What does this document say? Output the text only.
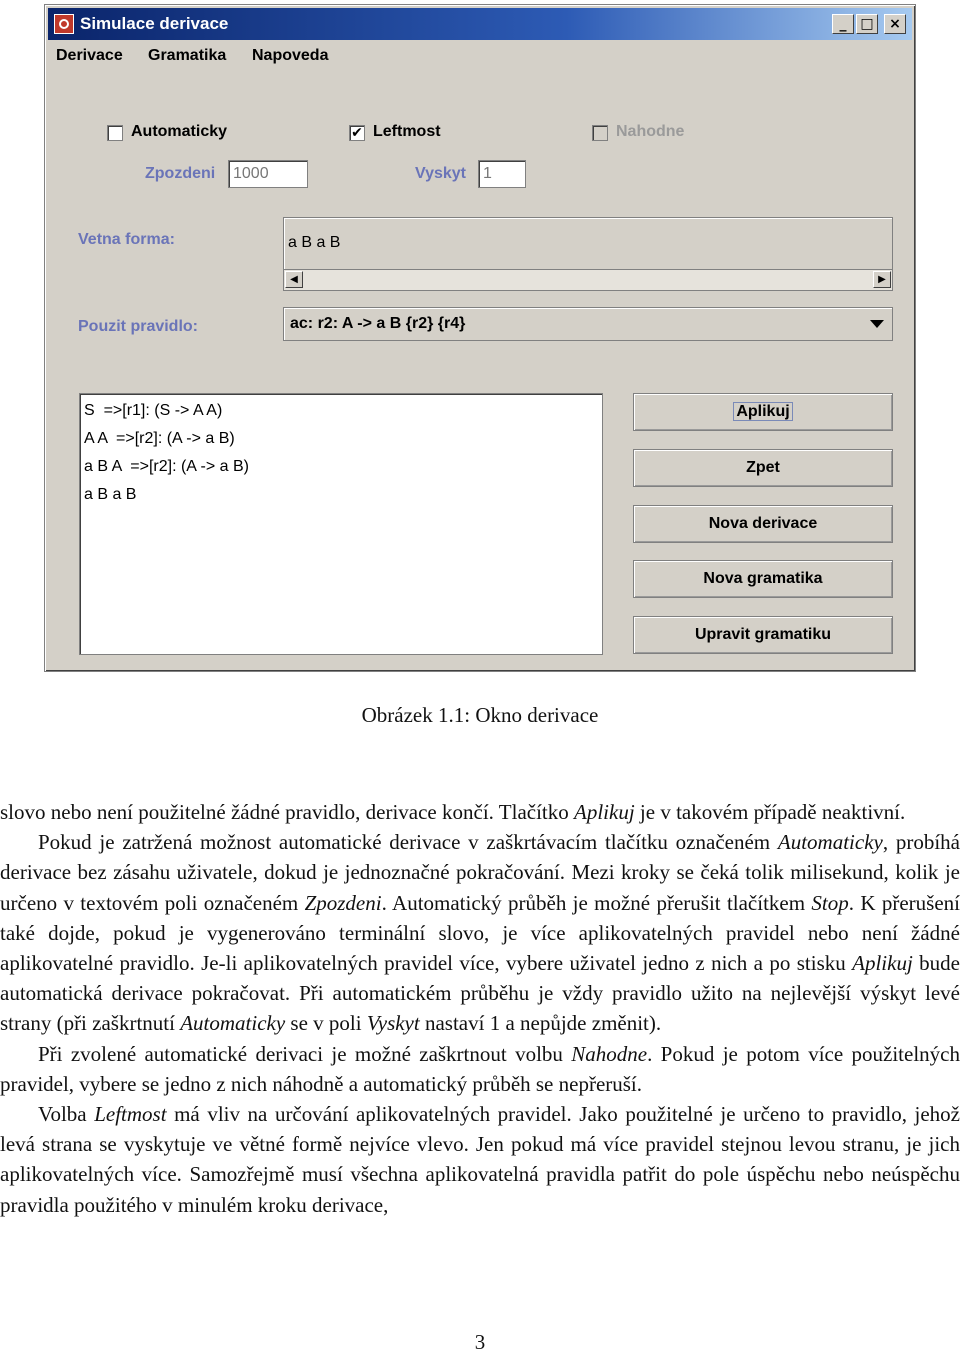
Simulace derivace	_ □	×
Derivace Gramatika Napoveda
Automaticky	✔ Leftmost	Nahodne
Zpozdeni	1000	Vyskyt	1
Vetna forma:	a B a B
◀	▶
Pouzit pravidlo:	ac: r2: A -> a B {r2} {r4}
S  =>[r1]: (S -> A A)
A A  =>[r2]: (A -> a B)
a B A  =>[r2]: (A -> a B)
a B a B
Aplikuj
Zpet
Nova derivace
Nova gramatika
Upravit gramatiku
Obrázek 1.1: Okno derivace

slovo nebo není použitelné žádné pravidlo, derivace končí. Tlačítko Aplikuj je v takovém případě neaktivní.

Pokud je zatržená možnost automatické derivace v zaškrtávacím tlačítku označeném Automaticky, probíhá derivace bez zásahu uživatele, dokud je jednoznačné pokračování. Mezi kroky se čeká tolik milisekund, kolik je určeno v textovém poli označeném Zpozdeni. Automatický průběh je možné přerušit tlačítkem Stop. K přerušení také dojde, pokud je vygenerováno terminální slovo, je více aplikovatelných pravidel nebo není žádné aplikovatelné pravidlo. Je-li aplikovatelných pravidel více, vybere uživatel jedno z nich a po stisku Aplikuj bude automatická derivace pokračovat. Při automatickém průběhu je vždy pravidlo užito na nejlevější výskyt levé strany (při zaškrtnutí Automaticky se v poli Vyskyt nastaví 1 a nepůjde změnit).

Při zvolené automatické derivaci je možné zaškrtnout volbu Nahodne. Pokud je potom více použitelných pravidel, vybere se jedno z nich náhodně a automatický průběh se nepřeruší.

Volba Leftmost má vliv na určování aplikovatelných pravidel. Jako použitelné je určeno to pravidlo, jehož levá strana se vyskytuje ve větné formě nejvíce vlevo. Jen pokud má více pravidel stejnou levou stranu, je jich aplikovatelných více. Samozřejmě musí všechna aplikovatelná pravidla patřit do pole úspěchu nebo neúspěchu pravidla použitého v minulém kroku derivace,

3
